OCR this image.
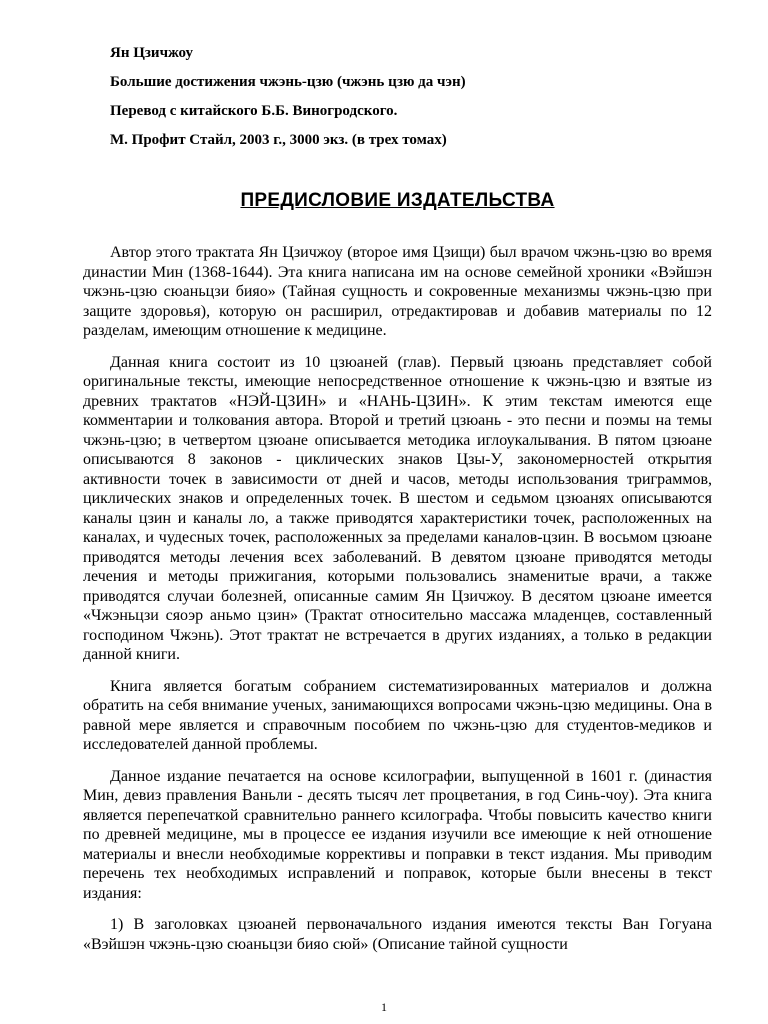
Ян Цзичжоу

Большие достижения чжэнь-цзю (чжэнь цзю да чэн)

Перевод с китайского Б.Б. Виногродского.

М. Профит Стайл, 2003 г., 3000 экз. (в трех томах)

ПРЕДИСЛОВИЕ ИЗДАТЕЛЬСТВА

Автор этого трактата Ян Цзичжоу (второе имя Цзищи) был врачом чжэнь-цзю во время династии Мин (1368-1644). Эта книга написана им на основе семейной хроники «Вэйшэн чжэнь-цзю сюаньцзи бияо» (Тайная сущность и сокровенные механизмы чжэнь-цзю при защите здоровья), которую он расширил, отредактировав и добавив материалы по 12 разделам, имеющим отношение к медицине.

Данная книга состоит из 10 цзюаней (глав). Первый цзюань представляет собой оригинальные тексты, имеющие непосредственное отношение к чжэнь-цзю и взятые из древних трактатов «НЭЙ-ЦЗИН» и «НАНЬ-ЦЗИН». К этим текстам имеются еще комментарии и толкования автора. Второй и третий цзюань - это песни и поэмы на темы чжэнь-цзю; в четвертом цзюане описывается методика иглоукалывания. В пятом цзюане описываются 8 законов - циклических знаков Цзы-У, закономерностей открытия активности точек в зависимости от дней и часов, методы использования триграммов, циклических знаков и определенных точек. В шестом и седьмом цзюанях описываются каналы цзин и каналы ло, а также приводятся характеристики точек, расположенных на каналах, и чудесных точек, расположенных за пределами каналов-цзин. В восьмом цзюане приводятся методы лечения всех заболеваний. В девятом цзюане приводятся методы лечения и методы прижигания, которыми пользовались знаменитые врачи, а также приводятся случаи болезней, описанные самим Ян Цзичжоу. В десятом цзюане имеется «Чжэньцзи сяоэр аньмо цзин» (Трактат относительно массажа младенцев, составленный господином Чжэнь). Этот трактат не встречается в других изданиях, а только в редакции данной книги.

Книга является богатым собранием систематизированных материалов и должна обратить на себя внимание ученых, занимающихся вопросами чжэнь-цзю медицины. Она в равной мере является и справочным пособием по чжэнь-цзю для студентов-медиков и исследователей данной проблемы.

Данное издание печатается на основе ксилографии, выпущенной в 1601 г. (династия Мин, девиз правления Ваньли - десять тысяч лет процветания, в год Синь-чоу). Эта книга является перепечаткой сравнительно раннего ксилографа. Чтобы повысить качество книги по древней медицине, мы в процессе ее издания изучили все имеющие к ней отношение материалы и внесли необходимые коррективы и поправки в текст издания. Мы приводим перечень тех необходимых исправлений и поправок, которые были внесены в текст издания:

1) В заголовках цзюаней первоначального издания имеются тексты Ван Гогуана «Вэйшэн чжэнь-цзю сюаньцзи бияо сюй» (Описание тайной сущности

1
